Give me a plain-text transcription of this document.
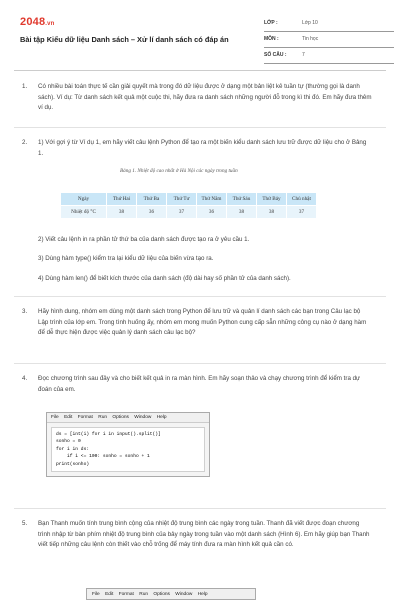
2048.vn
Bài tập Kiểu dữ liệu Danh sách – Xử lí danh sách có đáp án
LỚP :	Lớp 10
MÔN :	Tin học
SỐ CÂU :	7
1. Có nhiều bài toán thực tế cần giải quyết mà trong đó dữ liệu được ở dạng một bản liệt kê tuần tự (thường gọi là danh sách). Ví dụ: Từ danh sách kết quả một cuộc thi, hãy đưa ra danh sách những người đỗ trong kì thi đó. Em hãy đưa thêm ví dụ.
2. 1) Với gợi ý từ Ví dụ 1, em hãy viết câu lệnh Python để tạo ra một biến kiểu danh sách lưu trữ được dữ liệu cho ở Bảng 1.
Bảng 1. Nhiệt độ cao nhất ở Hà Nội các ngày trong tuần
Ngày	Thứ Hai	Thứ Ba	Thứ Tư	Thứ Năm	Thứ Sáu	Thứ Bảy	Chủ nhật
Nhiệt độ °C	38	36	37	36	38	38	37
2) Viết câu lệnh in ra phần tử thứ ba của danh sách được tạo ra ở yêu cầu 1.
3) Dùng hàm type() kiểm tra lại kiểu dữ liệu của biến vừa tạo ra.
4) Dùng hàm len() để biết kích thước của danh sách (độ dài hay số phần tử của danh sách).
3. Hãy hình dung, nhóm em dùng một danh sách trong Python để lưu trữ và quản lí danh sách các bạn trong Câu lạc bộ Lập trình của lớp em. Trong tình huống ấy, nhóm em mong muốn Python cung cấp sẵn những công cụ nào ở dạng hàm để dễ thực hiện được việc quản lý danh sách câu lạc bộ?
4. Đọc chương trình sau đây và cho biết kết quả in ra màn hình. Em hãy soạn thảo và chạy chương trình để kiểm tra dự đoán của em.
File Edit Format Run Options Window Help
ds = [int(i) for i in input().split()]
sonho = 0
for i in ds:
if i <= 100: sonho = sonho + 1
print(sonho)
5. Bạn Thanh muốn tính trung bình cộng của nhiệt độ trung bình các ngày trong tuần. Thanh đã viết được đoạn chương trình nhập từ bàn phím nhiệt độ trung bình của bảy ngày trong tuần vào một danh sách (Hình 6). Em hãy giúp bạn Thanh viết tiếp những câu lệnh còn thiết vào chỗ trống để máy tính đưa ra màn hình kết quả cần có.
File Edit Format Run Options Window Help
